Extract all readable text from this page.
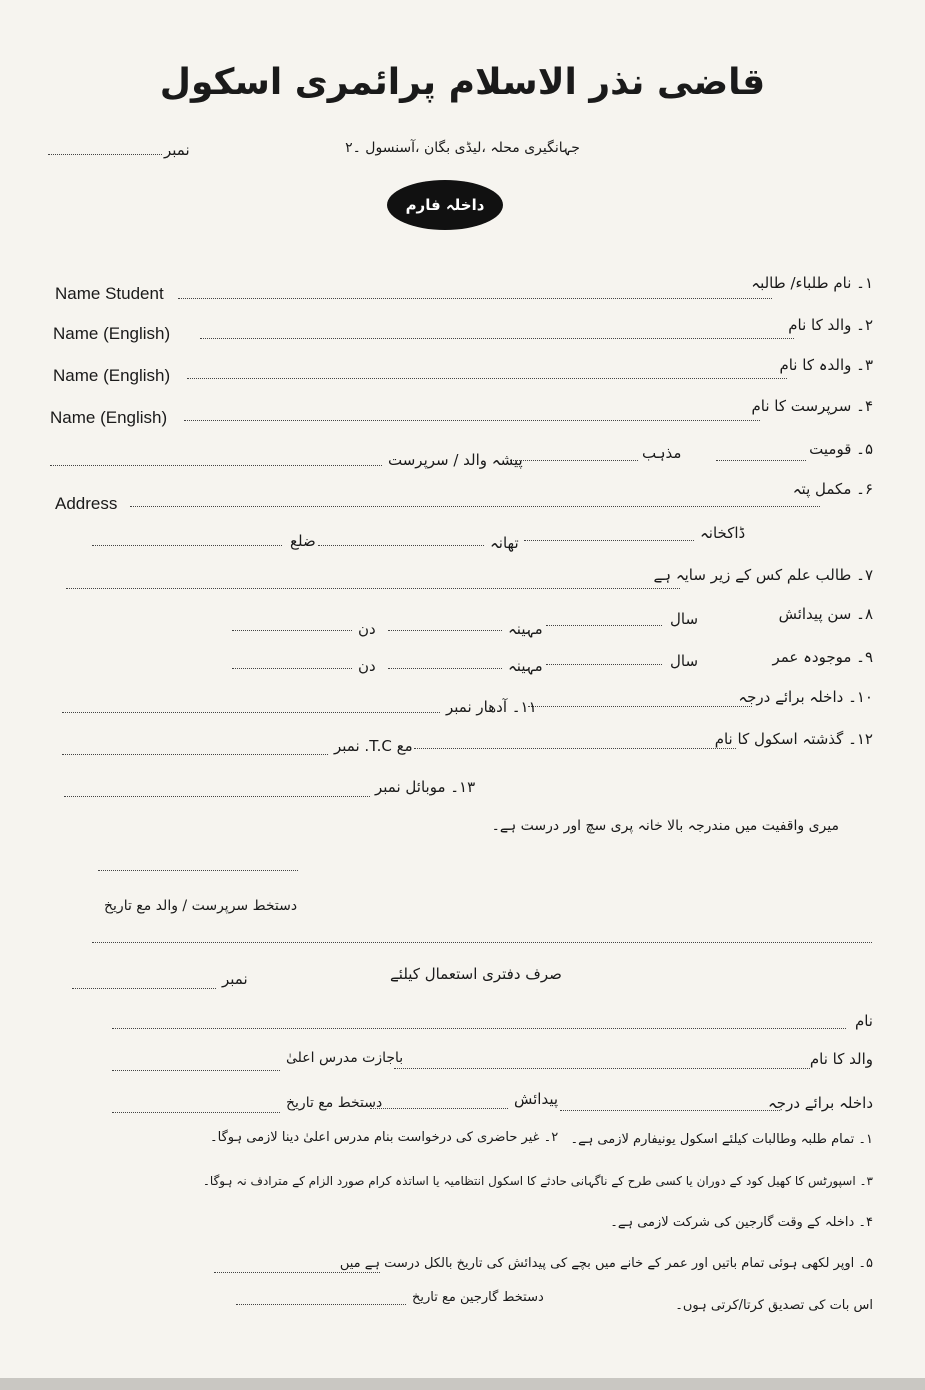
قاضی نذر الاسلام پرائمری اسکول
جہانگیری محلہ ،لیڈی بگان ،آسنسول ۔۲
نمبر
داخلہ فارم
۱۔ نام طلباء/ طالبہ
Name Student
۲۔ والد کا نام
Name (English)
۳۔ والدہ کا نام
Name (English)
۴۔ سرپرست کا نام
Name (English)
۵۔ قومیت
مذہب
پیشہ والد / سرپرست
۶۔ مکمل پتہ
Address
ڈاکخانہ
تھانہ
ضلع
۷۔ طالب علم کس کے زیر سایہ ہے
۸۔ سن پیدائش
سال
مہینہ
دن
۹۔ موجودہ عمر
سال
مہینہ
دن
۱۰۔ داخلہ برائے درجہ
۱۱۔ آدھار نمبر
۱۲۔ گذشتہ اسکول کا نام
مع T.C. نمبر
۱۳۔ موبائل نمبر
میری واقفیت میں مندرجہ بالا خانہ پری سچ اور درست ہے۔
دستخط سرپرست / والد مع تاریخ
صرف دفتری استعمال کیلئے
نمبر
نام
والد کا نام
باجازت مدرس اعلیٰ
داخلہ برائے درجہ
پیدائش
دستخط مع تاریخ
۱۔ تمام طلبہ وطالبات کیلئے اسکول یونیفارم لازمی ہے۔
۲۔ غیر حاضری کی درخواست بنام مدرس اعلیٰ دینا لازمی ہوگا۔
۳۔ اسپورٹس کا کھیل کود کے دوران یا کسی طرح کے ناگہانی حادثے کا اسکول انتظامیہ یا اساتذہ کرام صورد الزام کے مترادف نہ ہوگا۔
۴۔ داخلہ کے وقت گارجین کی شرکت لازمی ہے۔
۵۔ اوپر لکھی ہوئی تمام باتیں اور عمر کے خانے میں بچے کی پیدائش کی تاریخ بالکل درست ہے میں
دستخط گارجین مع تاریخ
اس بات کی تصدیق کرتا/کرتی ہوں۔
